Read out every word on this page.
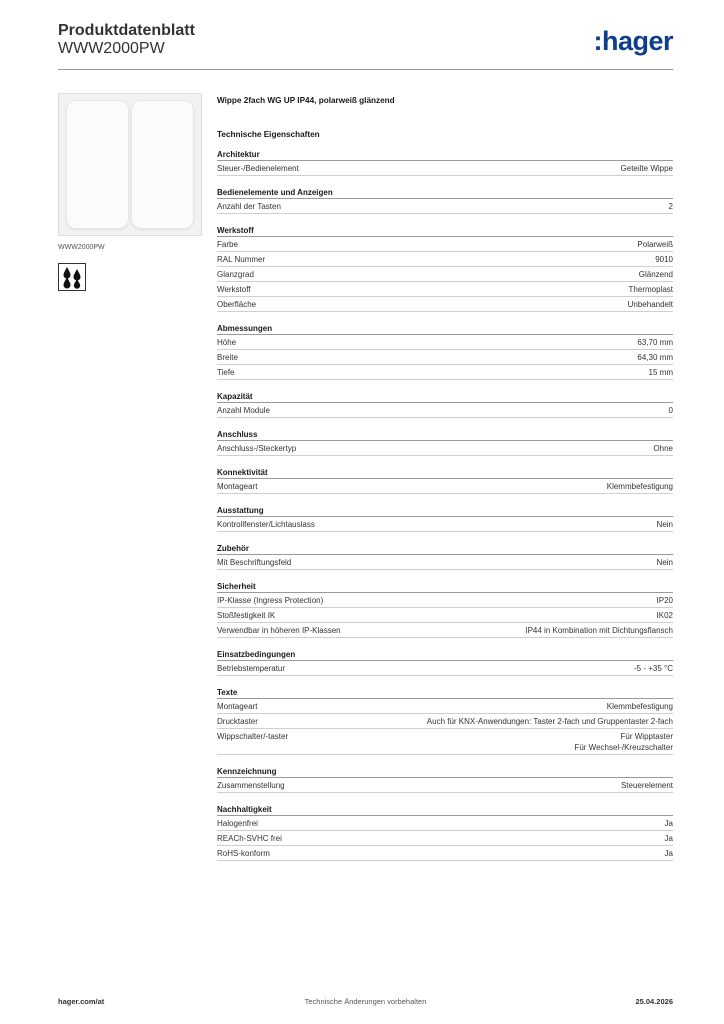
Produktdatenblatt
WWW2000PW	:hager
WWW2000PW
Wippe 2fach WG UP IP44, polarweiß glänzend
Technische Eigenschaften
Architektur
Steuer-/Bedienelement	Geteilte Wippe
Bedienelemente und Anzeigen
Anzahl der Tasten	2
Werkstoff
Farbe	Polarweiß
RAL Nummer	9010
Glanzgrad	Glänzend
Werkstoff	Thermoplast
Oberfläche	Unbehandelt
Abmessungen
Höhe	63,70 mm
Breite	64,30 mm
Tiefe	15 mm
Kapazität
Anzahl Module	0
Anschluss
Anschluss-/Steckertyp	Ohne
Konnektivität
Montageart	Klemmbefestigung
Ausstattung
Kontrollfenster/Lichtauslass	Nein
Zubehör
Mit Beschriftungsfeld	Nein
Sicherheit
IP-Klasse (Ingress Protection)	IP20
Stoßfestigkeit IK	IK02
Verwendbar in höheren IP-Klassen	IP44 in Kombination mit Dichtungsflansch
Einsatzbedingungen
Betriebstemperatur	-5 - +35 °C
Texte
Montageart	Klemmbefestigung
Drucktaster	Auch für KNX-Anwendungen: Taster 2-fach und Gruppentaster 2-fach
Wippschalter/-taster	Für Wipptaster
Für Wechsel-/Kreuzschalter
Kennzeichnung
Zusammenstellung	Steuerelement
Nachhaltigkeit
Halogenfrei	Ja
REACh-SVHC frei	Ja
RoHS-konform	Ja
hager.com/at	Technische Änderungen vorbehalten	25.04.2026
